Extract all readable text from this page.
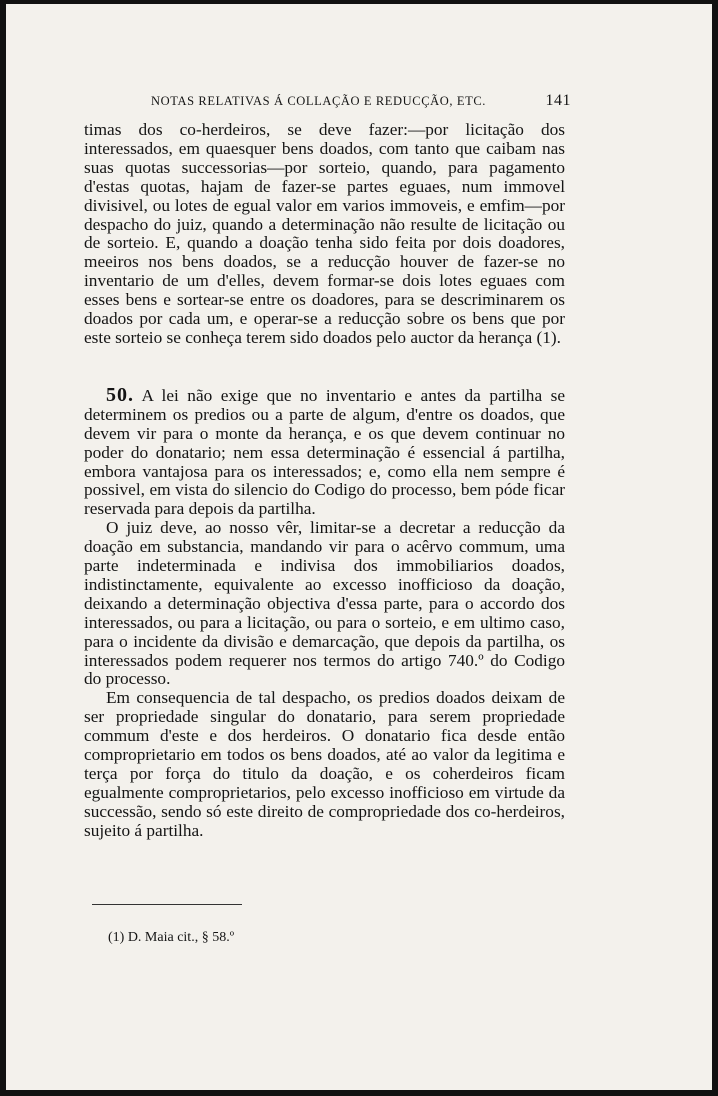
NOTAS RELATIVAS Á COLLAÇÃO E REDUCÇÃO, ETC.	141

timas dos co-herdeiros, se deve fazer:—por licitação dos interessados, em quaesquer bens doados, com tanto que caibam nas suas quotas successorias—por sorteio, quando, para pagamento d'estas quotas, hajam de fazer-se partes eguaes, num immovel divisivel, ou lotes de egual valor em varios immoveis, e emfim—por despacho do juiz, quando a determinação não resulte de licitação ou de sorteio. E, quando a doação tenha sido feita por dois doadores, meeiros nos bens doados, se a reducção houver de fazer-se no inventario de um d'elles, devem formar-se dois lotes eguaes com esses bens e sortear-se entre os doadores, para se descriminarem os doados por cada um, e operar-se a reducção sobre os bens que por este sorteio se conheça terem sido doados pelo auctor da herança (1).

50. A lei não exige que no inventario e antes da partilha se determinem os predios ou a parte de algum, d'entre os doados, que devem vir para o monte da herança, e os que devem continuar no poder do donatario; nem essa determinação é essencial á partilha, embora vantajosa para os interessados; e, como ella nem sempre é possivel, em vista do silencio do Codigo do processo, bem póde ficar reservada para depois da partilha.

O juiz deve, ao nosso vêr, limitar-se a decretar a reducção da doação em substancia, mandando vir para o acêrvo commum, uma parte indeterminada e indivisa dos immobiliarios doados, indistinctamente, equivalente ao excesso inofficioso da doação, deixando a determinação objectiva d'essa parte, para o accordo dos interessados, ou para a licitação, ou para o sorteio, e em ultimo caso, para o incidente da divisão e demarcação, que depois da partilha, os interessados podem requerer nos termos do artigo 740.º do Codigo do processo.

Em consequencia de tal despacho, os predios doados deixam de ser propriedade singular do donatario, para serem propriedade commum d'este e dos herdeiros. O donatario fica desde então comproprietario em todos os bens doados, até ao valor da legitima e terça por força do titulo da doação, e os coherdeiros ficam egualmente comproprietarios, pelo excesso inofficioso em virtude da successão, sendo só este direito de compropriedade dos co-herdeiros, sujeito á partilha.

(1) D. Maia cit., § 58.º
